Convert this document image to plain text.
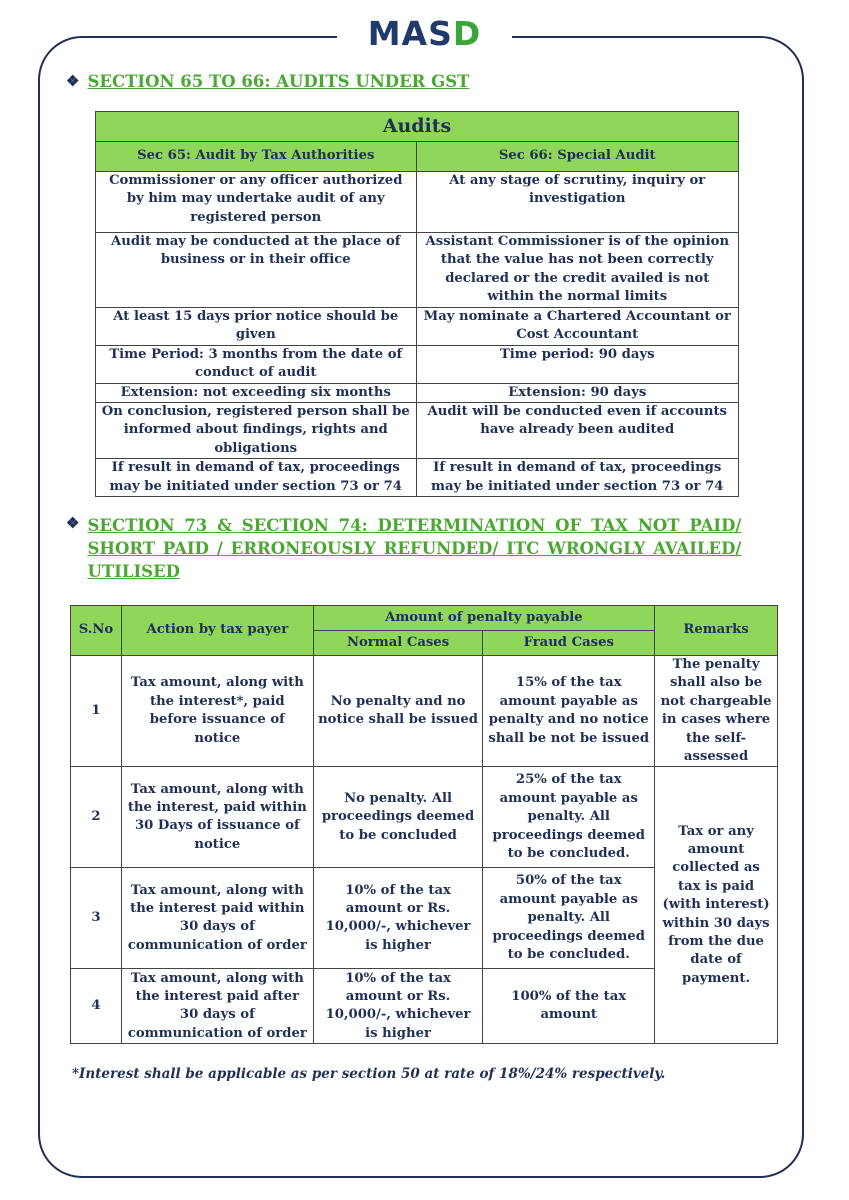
MASD
❖ SECTION 65 TO 66: AUDITS UNDER GST
Audits	
Sec 65: Audit by Tax Authorities	Sec 66: Special Audit
Commissioner or any officer authorized by him may undertake audit of any registered person	At any stage of scrutiny, inquiry or investigation
Audit may be conducted at the place of business or in their office	Assistant Commissioner is of the opinion that the value has not been correctly declared or the credit availed is not within the normal limits
At least 15 days prior notice should be given	May nominate a Chartered Accountant or Cost Accountant
Time Period: 3 months from the date of conduct of audit	Time period: 90 days
Extension: not exceeding six months	Extension: 90 days
On conclusion, registered person shall be informed about findings, rights and obligations	Audit will be conducted even if accounts have already been audited
If result in demand of tax, proceedings may be initiated under section 73 or 74	If result in demand of tax, proceedings may be initiated under section 73 or 74
❖ SECTION 73 & SECTION 74: DETERMINATION OF TAX NOT PAID/
SHORT PAID / ERRONEOUSLY REFUNDED/ ITC WRONGLY AVAILED/
UTILISED
S.No	Action by tax payer	Amount of penalty payable		Remarks
		Normal Cases	Fraud Cases	
1	Tax amount, along with the interest*, paid before issuance of notice	No penalty and no notice shall be issued	15% of the tax amount payable as penalty and no notice shall be not be issued	The penalty shall also be not chargeable in cases where the self-assessed
2	Tax amount, along with the interest, paid within 30 Days of issuance of notice	No penalty. All proceedings deemed to be concluded	25% of the tax amount payable as penalty. All proceedings deemed to be concluded.	Tax or any amount collected as tax is paid (with interest) within 30 days from the due date of payment.
3	Tax amount, along with the interest paid within 30 days of communication of order	10% of the tax amount or Rs. 10,000/-, whichever is higher	50% of the tax amount payable as penalty. All proceedings deemed to be concluded.	
4	Tax amount, along with the interest paid after 30 days of communication of order	10% of the tax amount or Rs. 10,000/-, whichever is higher	100% of the tax amount	
*Interest shall be applicable as per section 50 at rate of 18%/24% respectively.
